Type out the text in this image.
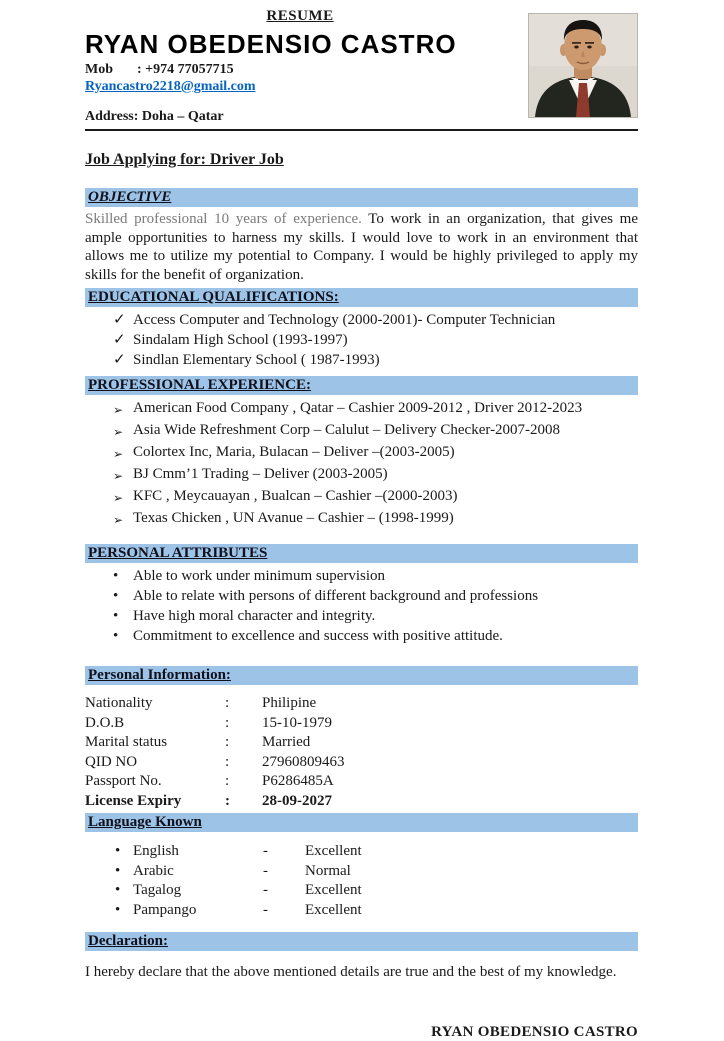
RESUME
RYAN OBEDENSIO CASTRO
Mob : +974 77057715
Ryancastro2218@gmail.com
Address: Doha – Qatar
Job Applying for: Driver Job
OBJECTIVE

Skilled professional 10 years of experience. To work in an organization, that gives me ample opportunities to harness my skills. I would love to work in an environment that allows me to utilize my potential to Company. I would be highly privileged to apply my skills for the benefit of organization.

EDUCATIONAL QUALIFICATIONS:
✓ Access Computer and Technology (2000-2001)- Computer Technician
✓ Sindalam High School (1993-1997)
✓ Sindlan Elementary School ( 1987-1993)
PROFESSIONAL EXPERIENCE:
➢ American Food Company , Qatar – Cashier 2009-2012 , Driver 2012-2023
➢ Asia Wide Refreshment Corp – Calulut – Delivery Checker-2007-2008
➢ Colortex Inc, Maria, Bulacan – Deliver –(2003-2005)
➢ BJ Cmm’1 Trading – Deliver (2003-2005)
➢ KFC , Meycauayan , Bualcan – Cashier –(2000-2003)
➢ Texas Chicken , UN Avanue – Cashier – (1998-1999)
PERSONAL ATTRIBUTES
• Able to work under minimum supervision
• Able to relate with persons of different background and professions
• Have high moral character and integrity.
• Commitment to excellence and success with positive attitude.
Personal Information:
Nationality	:	Philipine
D.O.B	:	15-10-1979
Marital status	:	Married
QID NO	:	27960809463
Passport No.	:	P6286485A
License Expiry	:	28-09-2027
Language Known
• English	-	Excellent
• Arabic	-	Normal
• Tagalog	-	Excellent
• Pampango	-	Excellent
Declaration:

I hereby declare that the above mentioned details are true and the best of my knowledge.

RYAN OBEDENSIO CASTRO
